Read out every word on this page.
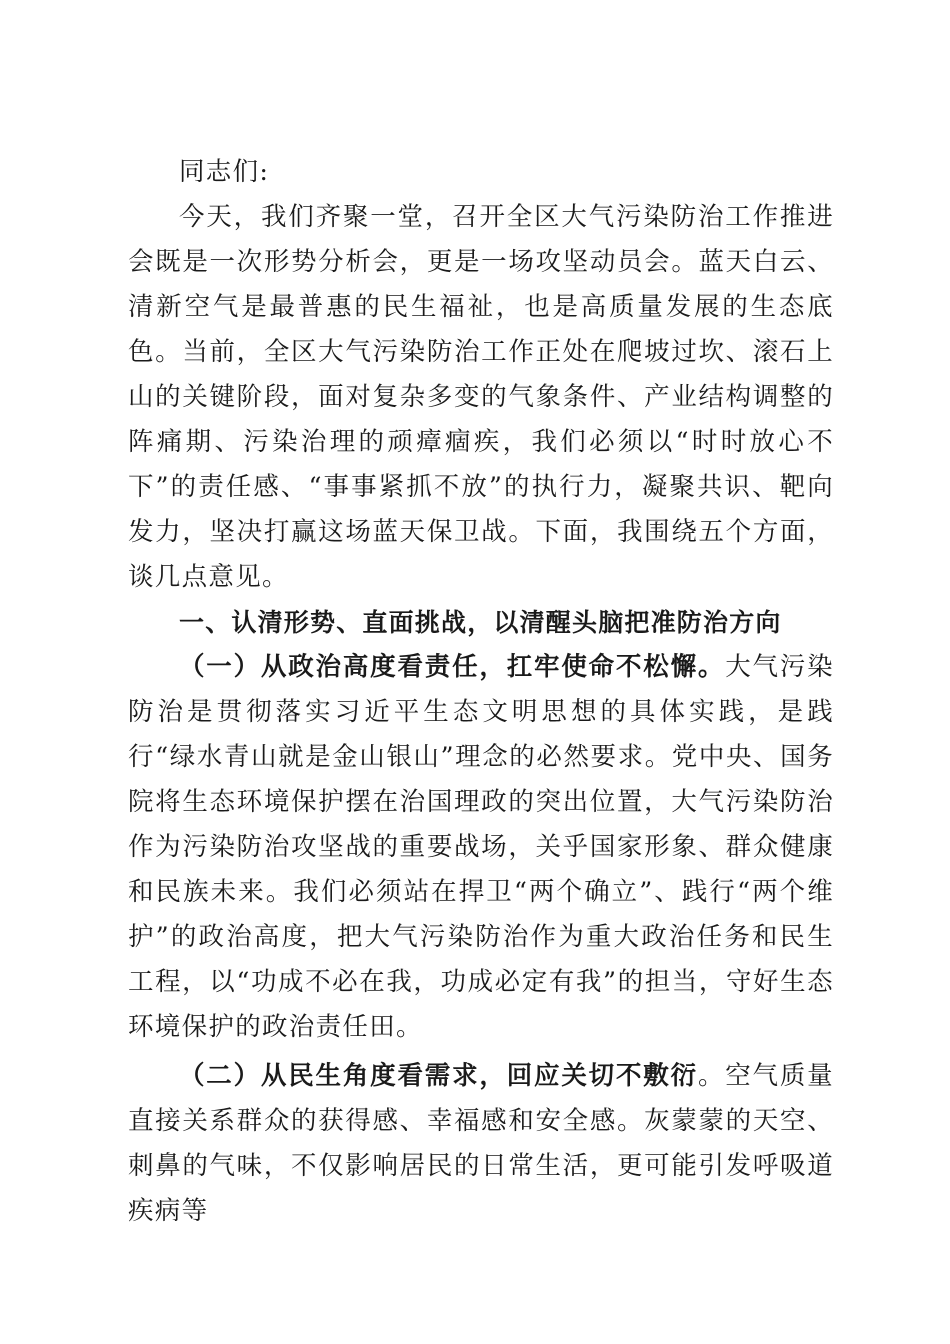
同志们:

今天，我们齐聚一堂，召开全区大气污染防治工作推进会既是一次形势分析会，更是一场攻坚动员会。蓝天白云、清新空气是最普惠的民生福祉，也是高质量发展的生态底色。当前，全区大气污染防治工作正处在爬坡过坎、滚石上山的关键阶段，面对复杂多变的气象条件、产业结构调整的阵痛期、污染治理的顽瘴痼疾，我们必须以“时时放心不下”的责任感、“事事紧抓不放”的执行力，凝聚共识、靶向发力，坚决打赢这场蓝天保卫战。下面，我围绕五个方面，谈几点意见。

一、认清形势、直面挑战，以清醒头脑把准防治方向

（一）从政治高度看责任，扛牢使命不松懈。大气污染防治是贯彻落实习近平生态文明思想的具体实践，是践行“绿水青山就是金山银山”理念的必然要求。党中央、国务院将生态环境保护摆在治国理政的突出位置，大气污染防治作为污染防治攻坚战的重要战场，关乎国家形象、群众健康和民族未来。我们必须站在捍卫“两个确立”、践行“两个维护”的政治高度，把大气污染防治作为重大政治任务和民生工程，以“功成不必在我，功成必定有我”的担当，守好生态环境保护的政治责任田。

（二）从民生角度看需求，回应关切不敷衍。空气质量直接关系群众的获得感、幸福感和安全感。灰蒙蒙的天空、刺鼻的气味，不仅影响居民的日常生活，更可能引发呼吸道疾病等
